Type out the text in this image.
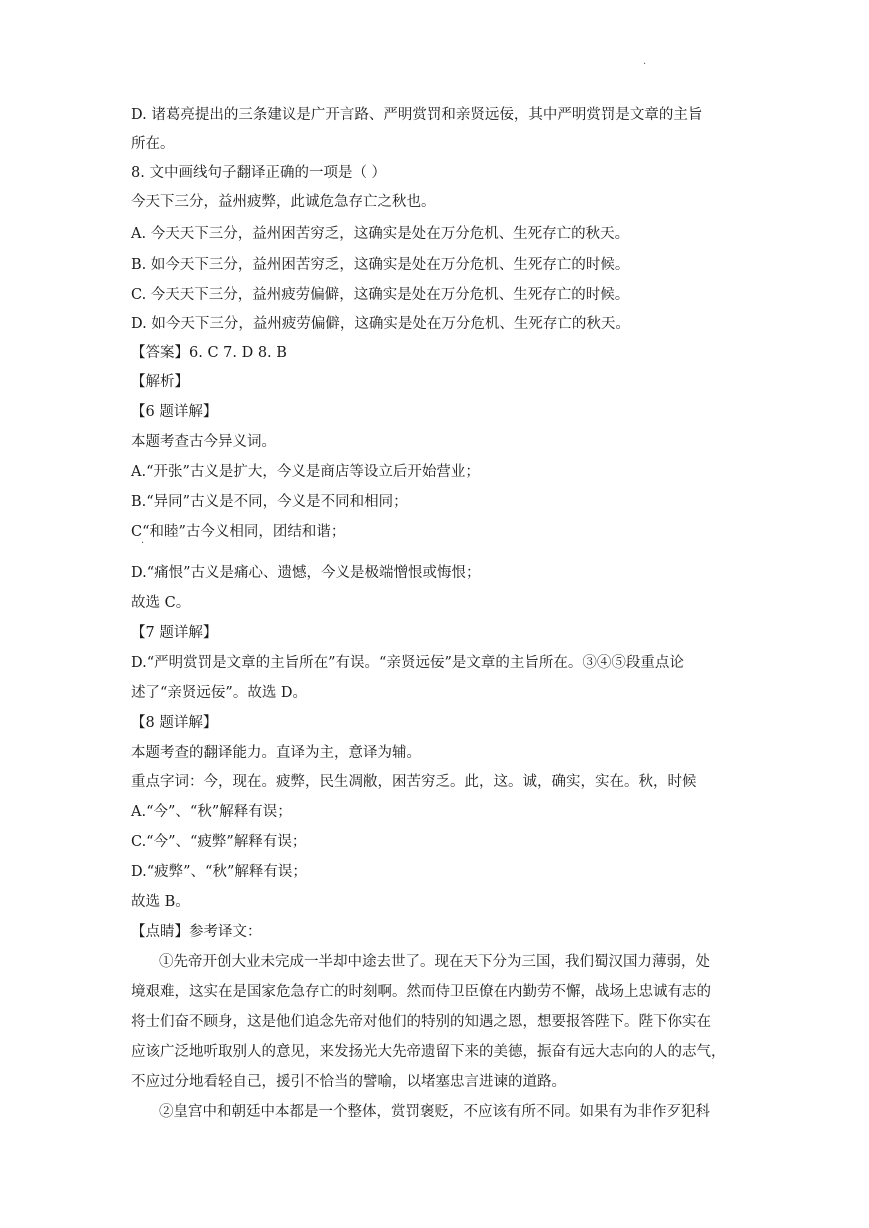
.
D. 诸葛亮提出的三条建议是广开言路、严明赏罚和亲贤远佞，其中严明赏罚是文章的主旨
所在。
8. 文中画线句子翻译正确的一项是（ ）
今天下三分，益州疲弊，此诚危急存亡之秋也。
A. 今天天下三分，益州困苦穷乏，这确实是处在万分危机、生死存亡的秋天。
B. 如今天下三分，益州困苦穷乏，这确实是处在万分危机、生死存亡的时候。
C. 今天天下三分，益州疲劳偏僻，这确实是处在万分危机、生死存亡的时候。
D. 如今天下三分，益州疲劳偏僻，这确实是处在万分危机、生死存亡的秋天。
【答案】6. C 7. D 8. B
【解析】
【6 题详解】
本题考查古今异义词。
A.“开张”古义是扩大，今义是商店等设立后开始营业；
B.“异同”古义是不同，今义是不同和相同；
C“和睦”古今义相同，团结和谐；
·
D.“痛恨”古义是痛心、遗憾，今义是极端憎恨或悔恨；
故选 C。
【7 题详解】
D.“严明赏罚是文章的主旨所在”有误。“亲贤远佞”是文章的主旨所在。③④⑤段重点论
述了“亲贤远佞”。故选 D。
【8 题详解】
本题考查的翻译能力。直译为主，意译为辅。
重点字词：今，现在。疲弊，民生凋敝，困苦穷乏。此，这。诚，确实，实在。秋，时候
A.“今”、“秋”解释有误；
C.“今”、“疲弊”解释有误；
D.“疲弊”、“秋”解释有误；
故选 B。
【点睛】参考译文：
①先帝开创大业未完成一半却中途去世了。现在天下分为三国，我们蜀汉国力薄弱，处
境艰难，这实在是国家危急存亡的时刻啊。然而侍卫臣僚在内勤劳不懈，战场上忠诚有志的
将士们奋不顾身，这是他们追念先帝对他们的特别的知遇之恩，想要报答陛下。陛下你实在
应该广泛地听取别人的意见，来发扬光大先帝遗留下来的美德，振奋有远大志向的人的志气，
不应过分地看轻自己，援引不恰当的譬喻，以堵塞忠言进谏的道路。
②皇宫中和朝廷中本都是一个整体，赏罚褒贬，不应该有所不同。如果有为非作歹犯科
